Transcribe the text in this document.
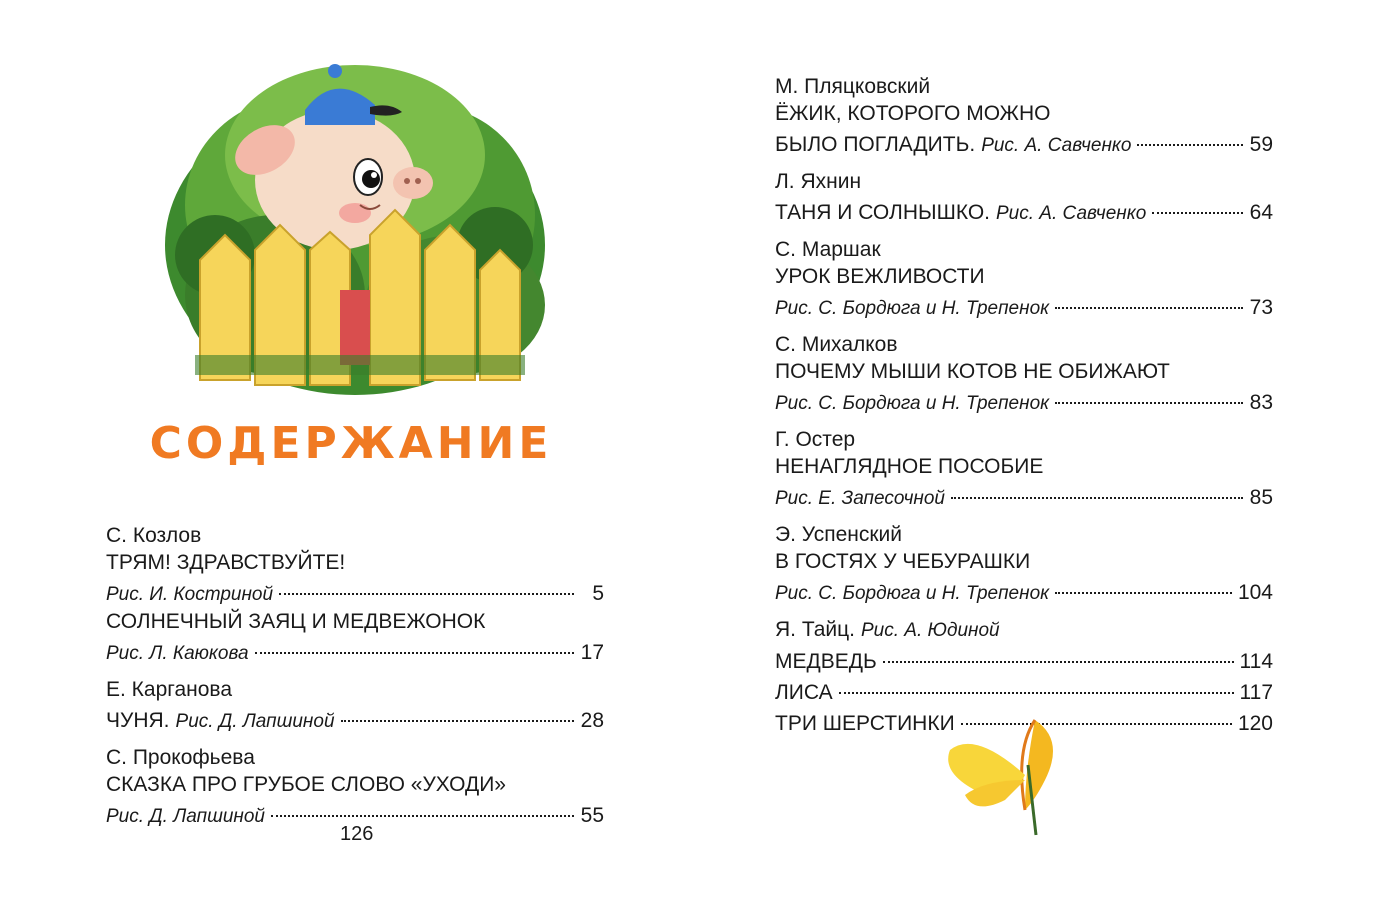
СОДЕРЖАНИЕ
С. Козлов
ТРЯМ! ЗДРАВСТВУЙТЕ!
Рис. И. Костриной	5
СОЛНЕЧНЫЙ ЗАЯЦ И МЕДВЕЖОНОК
Рис. Л. Каюкова	17
Е. Карганова
ЧУНЯ. Рис. Д. Лапшиной	28
С. Прокофьева
СКАЗКА ПРО ГРУБОЕ СЛОВО «УХОДИ»
Рис. Д. Лапшиной	55
126
М. Пляцковский
ЁЖИК, КОТОРОГО МОЖНО
БЫЛО ПОГЛАДИТЬ. Рис. А. Савченко	59
Л. Яхнин
ТАНЯ И СОЛНЫШКО. Рис. А. Савченко	64
С. Маршак
УРОК ВЕЖЛИВОСТИ
Рис. С. Бордюга и Н. Трепенок	73
С. Михалков
ПОЧЕМУ МЫШИ КОТОВ НЕ ОБИЖАЮТ
Рис. С. Бордюга и Н. Трепенок	83
Г. Остер
НЕНАГЛЯДНОЕ ПОСОБИЕ
Рис. Е. Запесочной	85
Э. Успенский
В ГОСТЯХ У ЧЕБУРАШКИ
Рис. С. Бордюга и Н. Трепенок	104
Я. Тайц. Рис. А. Юдиной
МЕДВЕДЬ	114
ЛИСА	117
ТРИ ШЕРСТИНКИ	120
